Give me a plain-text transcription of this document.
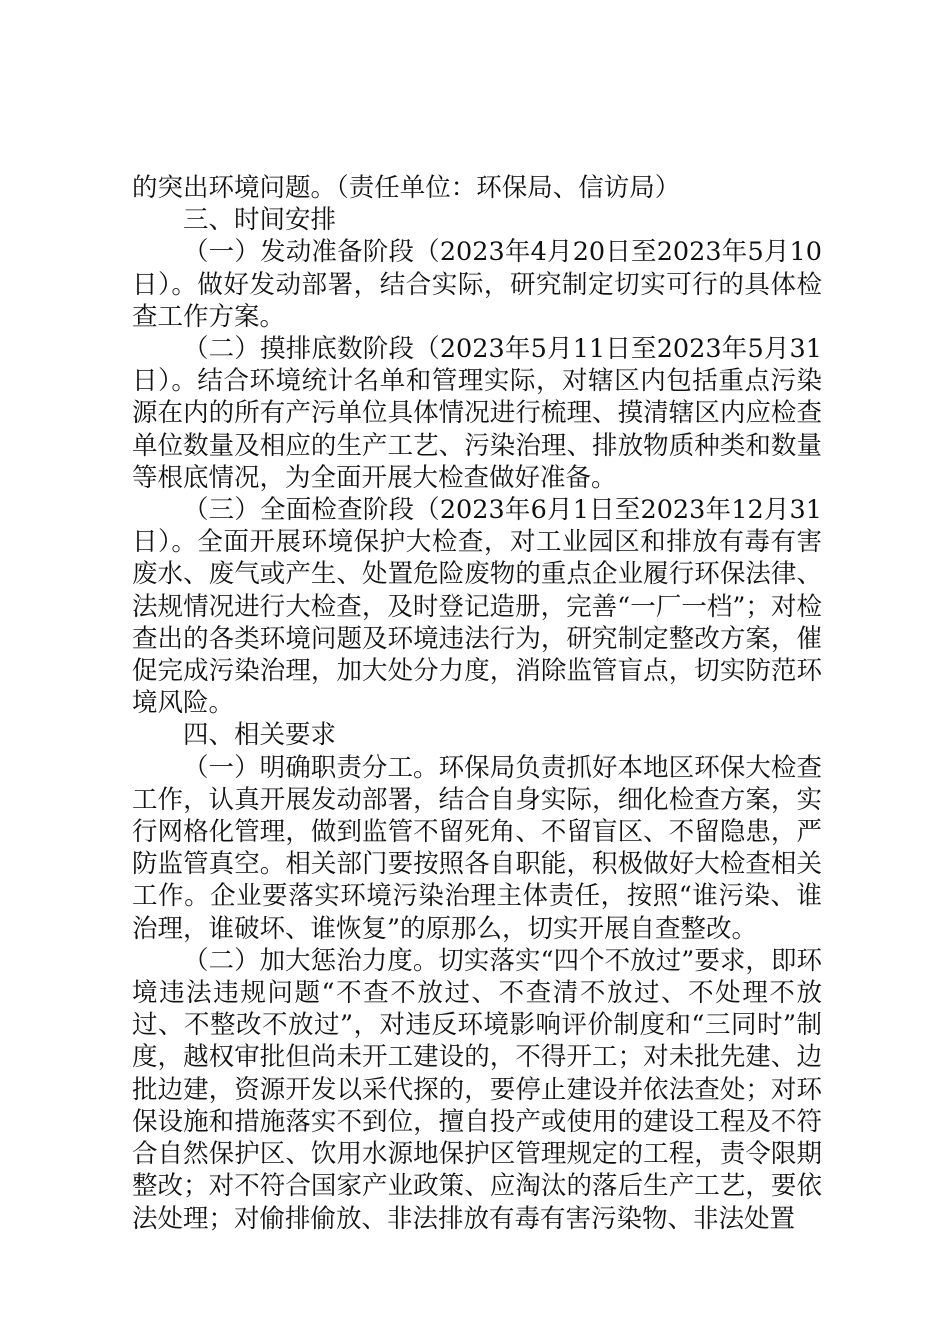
的突出环境问题。（责任单位：环保局、信访局）

三、时间安排

（一）发动准备阶段（2023年4月20日至2023年5月10日）。做好发动部署，结合实际，研究制定切实可行的具体检查工作方案。

（二）摸排底数阶段（2023年5月11日至2023年5月31日）。结合环境统计名单和管理实际，对辖区内包括重点污染源在内的所有产污单位具体情况进行梳理、摸清辖区内应检查单位数量及相应的生产工艺、污染治理、排放物质种类和数量等根底情况，为全面开展大检查做好准备。

（三）全面检查阶段（2023年6月1日至2023年12月31日）。全面开展环境保护大检查，对工业园区和排放有毒有害废水、废气或产生、处置危险废物的重点企业履行环保法律、法规情况进行大检查，及时登记造册，完善“一厂一档”；对检查出的各类环境问题及环境违法行为，研究制定整改方案，催促完成污染治理，加大处分力度，消除监管盲点，切实防范环境风险。

四、相关要求

（一）明确职责分工。环保局负责抓好本地区环保大检查工作，认真开展发动部署，结合自身实际，细化检查方案，实行网格化管理，做到监管不留死角、不留盲区、不留隐患，严防监管真空。相关部门要按照各自职能，积极做好大检查相关工作。企业要落实环境污染治理主体责任，按照“谁污染、谁治理，谁破坏、谁恢复”的原那么，切实开展自查整改。

（二）加大惩治力度。切实落实“四个不放过”要求，即环境违法违规问题“不查不放过、不查清不放过、不处理不放过、不整改不放过”，对违反环境影响评价制度和“三同时”制度，越权审批但尚未开工建设的，不得开工；对未批先建、边批边建，资源开发以采代探的，要停止建设并依法查处；对环保设施和措施落实不到位，擅自投产或使用的建设工程及不符合自然保护区、饮用水源地保护区管理规定的工程，责令限期整改；对不符合国家产业政策、应淘汰的落后生产工艺，要依法处理；对偷排偷放、非法排放有毒有害污染物、非法处置
